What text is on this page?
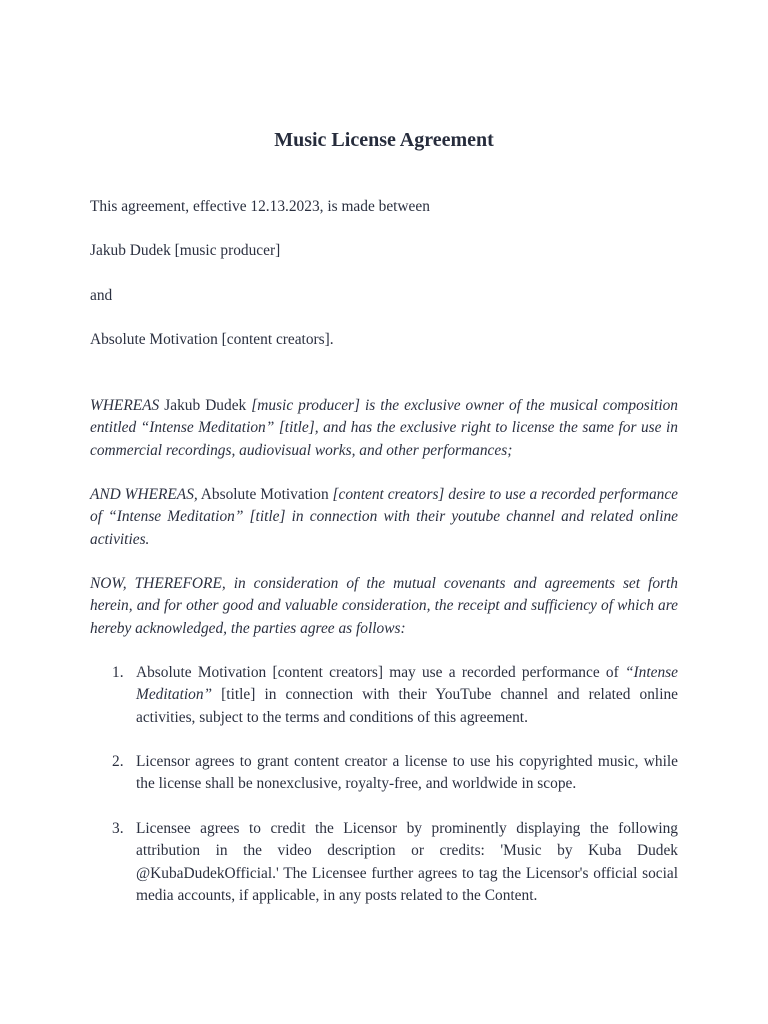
Music License Agreement

This agreement, effective 12.13.2023, is made between

Jakub Dudek [music producer]

and

Absolute Motivation [content creators].

WHEREAS Jakub Dudek [music producer] is the exclusive owner of the musical composition entitled “Intense Meditation” [title], and has the exclusive right to license the same for use in commercial recordings, audiovisual works, and other performances;

AND WHEREAS, Absolute Motivation [content creators] desire to use a recorded performance of “Intense Meditation” [title] in connection with their youtube channel and related online activities.

NOW, THEREFORE, in consideration of the mutual covenants and agreements set forth herein, and for other good and valuable consideration, the receipt and sufficiency of which are hereby acknowledged, the parties agree as follows:

1. Absolute Motivation [content creators] may use a recorded performance of “Intense Meditation” [title] in connection with their YouTube channel and related online activities, subject to the terms and conditions of this agreement.

2. Licensor agrees to grant content creator a license to use his copyrighted music, while the license shall be nonexclusive, royalty-free, and worldwide in scope.

3. Licensee agrees to credit the Licensor by prominently displaying the following attribution in the video description or credits: 'Music by Kuba Dudek @KubaDudekOfficial.' The Licensee further agrees to tag the Licensor's official social media accounts, if applicable, in any posts related to the Content.
